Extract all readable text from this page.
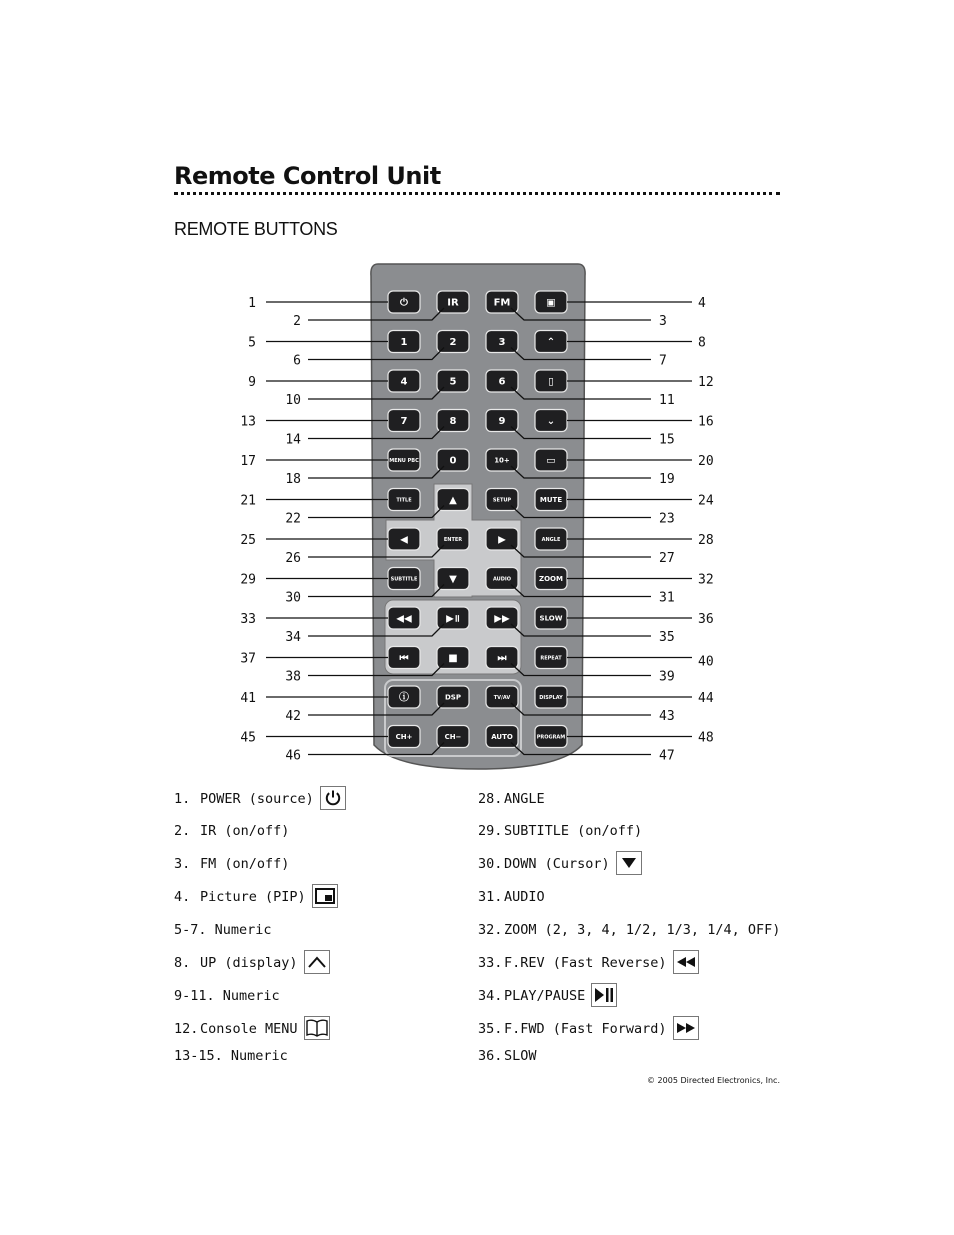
Remote Control Unit
REMOTE BUTTONS
⏻	IR	FM	▣
1	2	3	⌃
4	5	6	▯
7	8	9	⌄
MENU PBC	0	10+	▭
TITLE	▲	SETUP	MUTE
◀	ENTER	▶	ANGLE
SUBTITLE	▼	AUDIO	ZOOM
◀◀	▶॥	▶▶	SLOW
⏮	■	⏭	REPEAT
ⓘ	DSP	TV/AV	DISPLAY
CH+	CH−	AUTO	PROGRAM
1
2	3
4
5
6	7
8
9
10	11
12
13
14	15
16
17
18	19
20
21
22	23
24
25
26	27
28
29
30	31
32
33
34	35
36
37
38	39
40
41
42	43
44
45
46	47
48
1. POWER (source)
2. IR (on/off)
3. FM (on/off)
4. Picture (PIP)
5-7. Numeric
8. UP (display)
9-11. Numeric
12. Console MENU
13-15. Numeric
28. ANGLE
29. SUBTITLE (on/off)
30. DOWN (Cursor)
31. AUDIO
32. ZOOM (2, 3, 4, 1/2, 1/3, 1/4, OFF)
33. F.REV (Fast Reverse)
34. PLAY/PAUSE
35. F.FWD (Fast Forward)
36. SLOW
© 2005 Directed Electronics, Inc.
